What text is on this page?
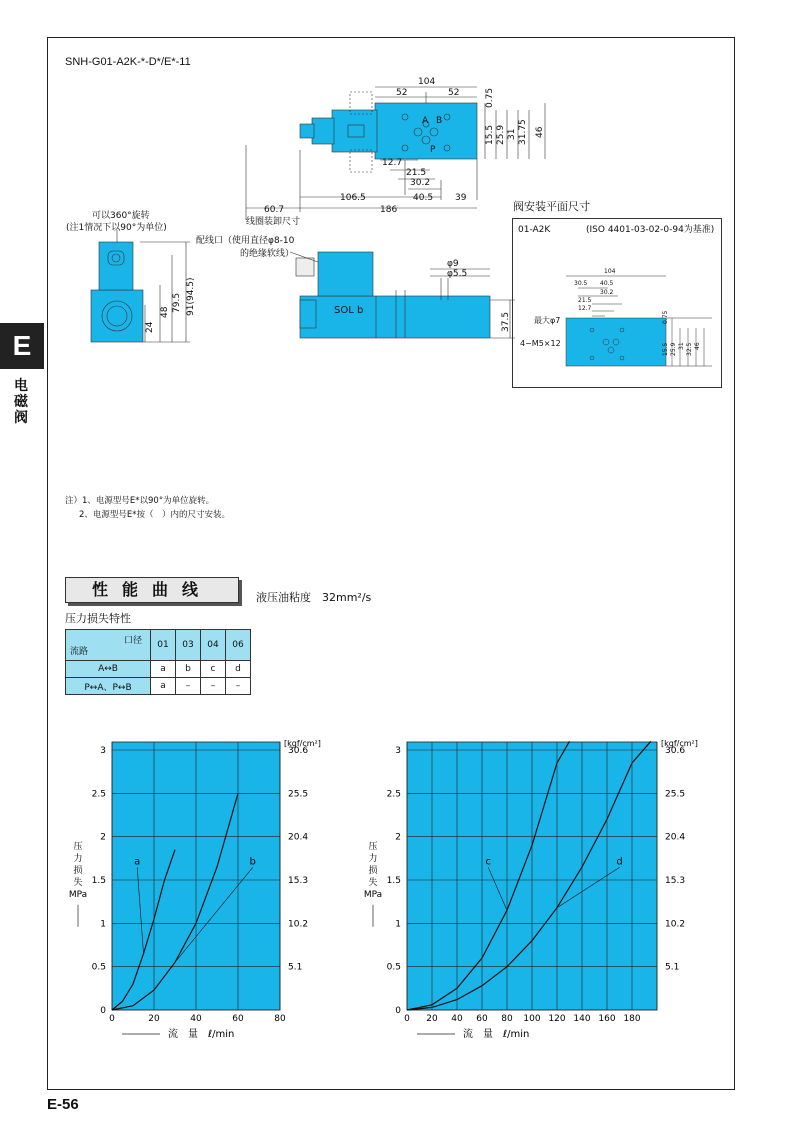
E
电磁阀
E-56
SNH-G01-A2K-*-D*/E*-11
104
52	52
A B
P
12.7
21.5
30.2
40.5 39
106.5
186
60.7
线圈装卸尺寸
可以360°旋转
(注1情况下以90°为单位)
配线口（使用直径φ8-10
的绝缘软线）
φ9
φ5.5
SOL b
0.75
15.5 25.9 31 31.75 46
24
48 79.5 91(94.5)
37.5
阀安装平面尺寸
01-A2K	(ISO 4401-03-02-0-94为基准)
104
30.5 40.5
30.2
21.5
12.7
最大φ7
4−M5×12
0.75
15.5 25.9 31 32.5 46
注）1、电源型号E*以90°为单位旋转。
2、电源型号E*按（　）内的尺寸安装。
性能曲线	液压油粘度　32mm²/s
压力损失特性
口径
流路	01	03	04	06
A↔B	a	b	c	d
P↔A、P↔B	a	–	–	–
0	20	40	60	80
0
0.5
1
1.5
2
2.5
3
5.1
10.2
15.3
20.4
25.5
30.6
[kgf/cm²]
压
力
损
失
MPa
流　量　ℓ/min
a	b
0 20 40 60 80 100 120 140 160 180
0
0.5
1
1.5
2
2.5
3
5.1
10.2
15.3
20.4
25.5
30.6
[kgf/cm²]
压
力
损
失
MPa
流　量　ℓ/min
c	d
